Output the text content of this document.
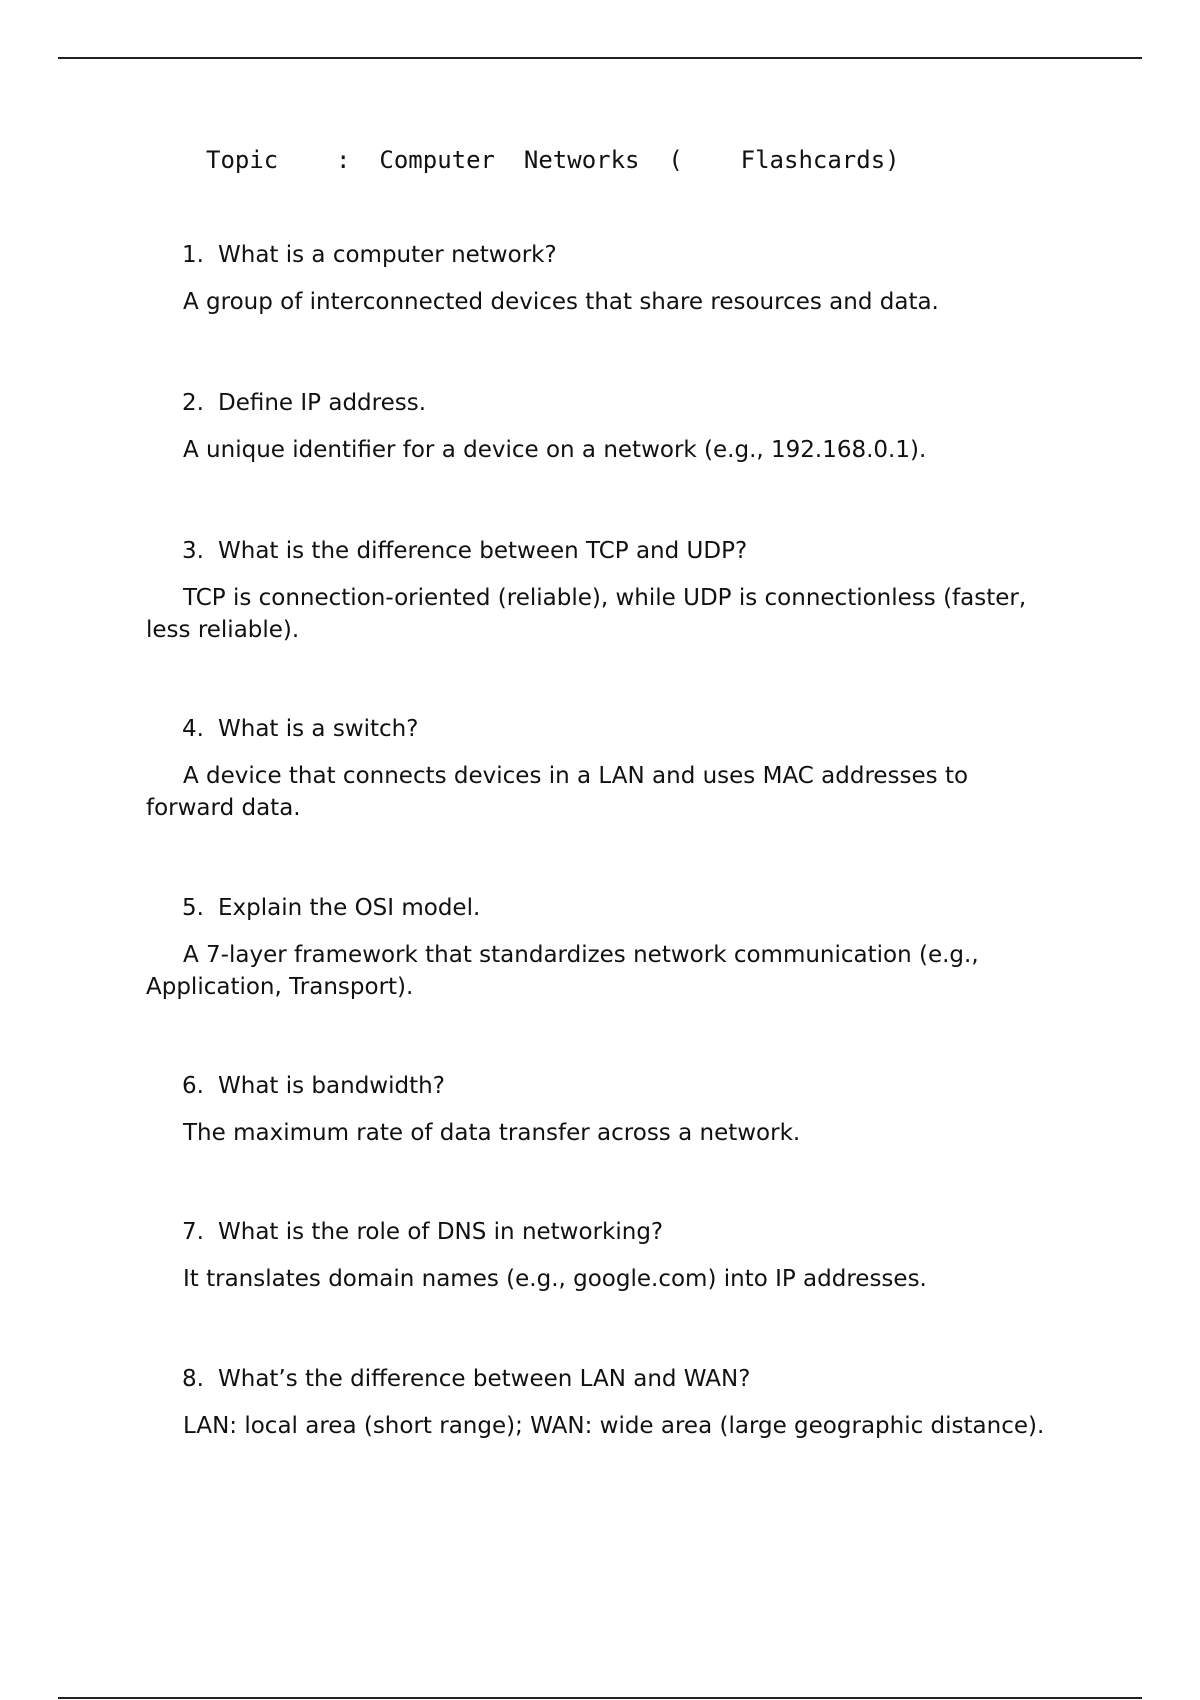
Topic : Computer Networks ( Flashcards)

1. What is a computer network?

A group of interconnected devices that share resources and data.

2. Define IP address.

A unique identifier for a device on a network (e.g., 192.168.0.1).

3. What is the difference between TCP and UDP?

TCP is connection-oriented (reliable), while UDP is connectionless (faster, less reliable).

4. What is a switch?

A device that connects devices in a LAN and uses MAC addresses to forward data.

5. Explain the OSI model.

A 7-layer framework that standardizes network communication (e.g., Application, Transport).

6. What is bandwidth?

The maximum rate of data transfer across a network.

7. What is the role of DNS in networking?

It translates domain names (e.g., google.com) into IP addresses.

8. What’s the difference between LAN and WAN?

LAN: local area (short range); WAN: wide area (large geographic distance).
